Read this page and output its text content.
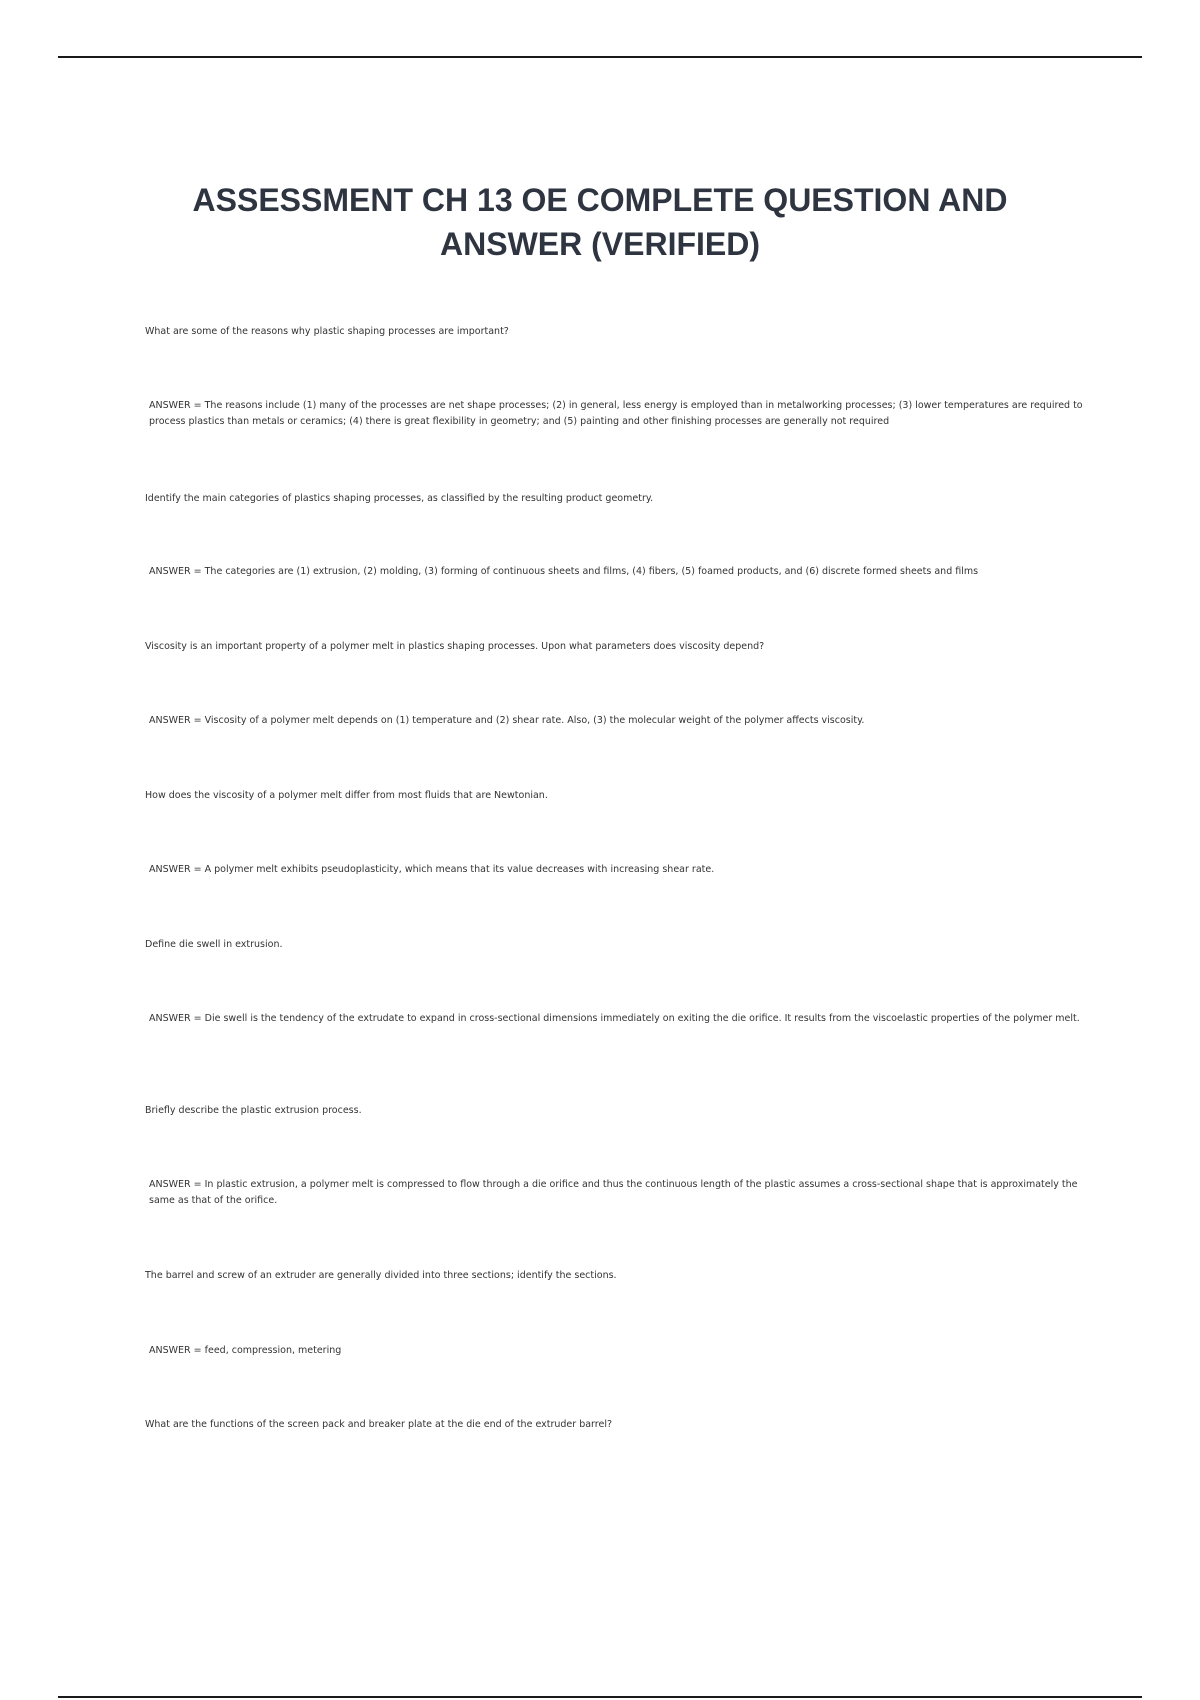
ASSESSMENT CH 13 OE COMPLETE QUESTION AND ANSWER (VERIFIED)

What are some of the reasons why plastic shaping processes are important?

ANSWER = The reasons include (1) many of the processes are net shape processes; (2) in general, less energy is employed than in metalworking processes; (3) lower temperatures are required to process plastics than metals or ceramics; (4) there is great flexibility in geometry; and (5) painting and other finishing processes are generally not required

Identify the main categories of plastics shaping processes, as classified by the resulting product geometry.

ANSWER = The categories are (1) extrusion, (2) molding, (3) forming of continuous sheets and films, (4) fibers, (5) foamed products, and (6) discrete formed sheets and films

Viscosity is an important property of a polymer melt in plastics shaping processes. Upon what parameters does viscosity depend?

ANSWER = Viscosity of a polymer melt depends on (1) temperature and (2) shear rate. Also, (3) the molecular weight of the polymer affects viscosity.

How does the viscosity of a polymer melt differ from most fluids that are Newtonian.

ANSWER = A polymer melt exhibits pseudoplasticity, which means that its value decreases with increasing shear rate.

Define die swell in extrusion.

ANSWER = Die swell is the tendency of the extrudate to expand in cross-sectional dimensions immediately on exiting the die orifice. It results from the viscoelastic properties of the polymer melt.

Briefly describe the plastic extrusion process.

ANSWER = In plastic extrusion, a polymer melt is compressed to flow through a die orifice and thus the continuous length of the plastic assumes a cross-sectional shape that is approximately the same as that of the orifice.

The barrel and screw of an extruder are generally divided into three sections; identify the sections.

ANSWER = feed, compression, metering

What are the functions of the screen pack and breaker plate at the die end of the extruder barrel?
